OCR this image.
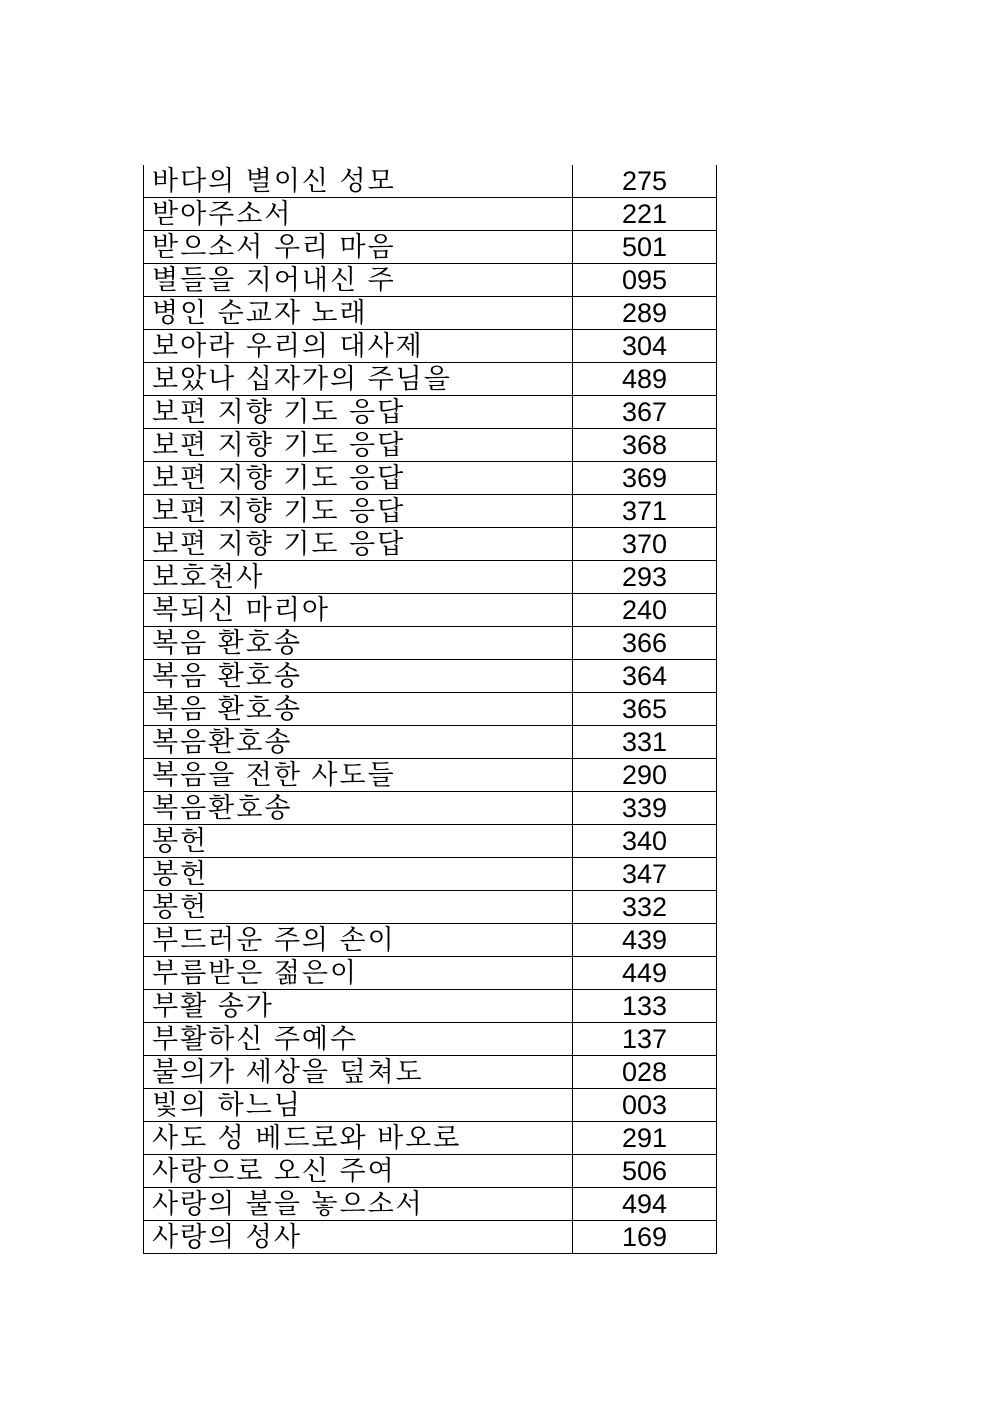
바다의 별이신 성모	275
받아주소서	221
받으소서 우리 마음	501
별들을 지어내신 주	095
병인 순교자 노래	289
보아라 우리의 대사제	304
보았나 십자가의 주님을	489
보편 지향 기도 응답	367
보편 지향 기도 응답	368
보편 지향 기도 응답	369
보편 지향 기도 응답	371
보편 지향 기도 응답	370
보호천사	293
복되신 마리아	240
복음 환호송	366
복음 환호송	364
복음 환호송	365
복음환호송	331
복음을 전한 사도들	290
복음환호송	339
봉헌	340
봉헌	347
봉헌	332
부드러운 주의 손이	439
부름받은 젊은이	449
부활 송가	133
부활하신 주예수	137
불의가 세상을 덮쳐도	028
빛의 하느님	003
사도 성 베드로와 바오로	291
사랑으로 오신 주여	506
사랑의 불을 놓으소서	494
사랑의 성사	169
